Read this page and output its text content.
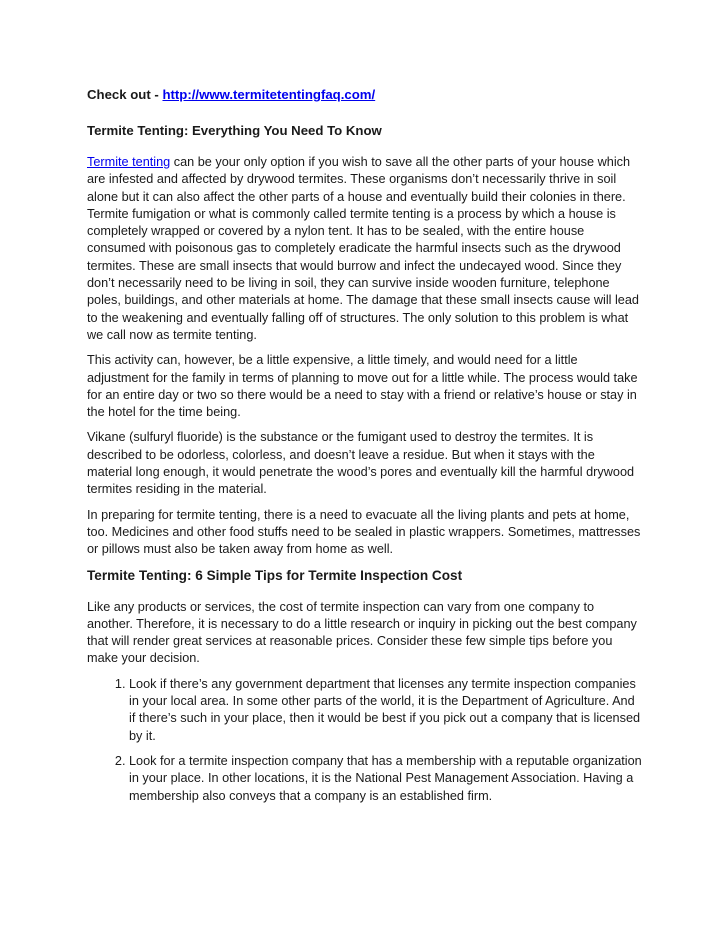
Check out - http://www.termitetentingfaq.com/
Termite Tenting: Everything You Need To Know

Termite tenting can be your only option if you wish to save all the other parts of your house which are infested and affected by drywood termites. These organisms don’t necessarily thrive in soil alone but it can also affect the other parts of a house and eventually build their colonies in there. Termite fumigation or what is commonly called termite tenting is a process by which a house is completely wrapped or covered by a nylon tent. It has to be sealed, with the entire house consumed with poisonous gas to completely eradicate the harmful insects such as the drywood termites. These are small insects that would burrow and infect the undecayed wood. Since they don’t necessarily need to be living in soil, they can survive inside wooden furniture, telephone poles, buildings, and other materials at home. The damage that these small insects cause will lead to the weakening and eventually falling off of structures. The only solution to this problem is what we call now as termite tenting.

This activity can, however, be a little expensive, a little timely, and would need for a little adjustment for the family in terms of planning to move out for a little while. The process would take for an entire day or two so there would be a need to stay with a friend or relative’s house or stay in the hotel for the time being.

Vikane (sulfuryl fluoride) is the substance or the fumigant used to destroy the termites. It is described to be odorless, colorless, and doesn’t leave a residue. But when it stays with the material long enough, it would penetrate the wood’s pores and eventually kill the harmful drywood termites residing in the material.

In preparing for termite tenting, there is a need to evacuate all the living plants and pets at home, too. Medicines and other food stuffs need to be sealed in plastic wrappers. Sometimes, mattresses or pillows must also be taken away from home as well.

Termite Tenting: 6 Simple Tips for Termite Inspection Cost

Like any products or services, the cost of termite inspection can vary from one company to another. Therefore, it is necessary to do a little research or inquiry in picking out the best company that will render great services at reasonable prices. Consider these few simple tips before you make your decision.

1. Look if there’s any government department that licenses any termite inspection companies in your local area. In some other parts of the world, it is the Department of Agriculture. And if there’s such in your place, then it would be best if you pick out a company that is licensed by it.
2. Look for a termite inspection company that has a membership with a reputable organization in your place. In other locations, it is the National Pest Management Association. Having a membership also conveys that a company is an established firm.
